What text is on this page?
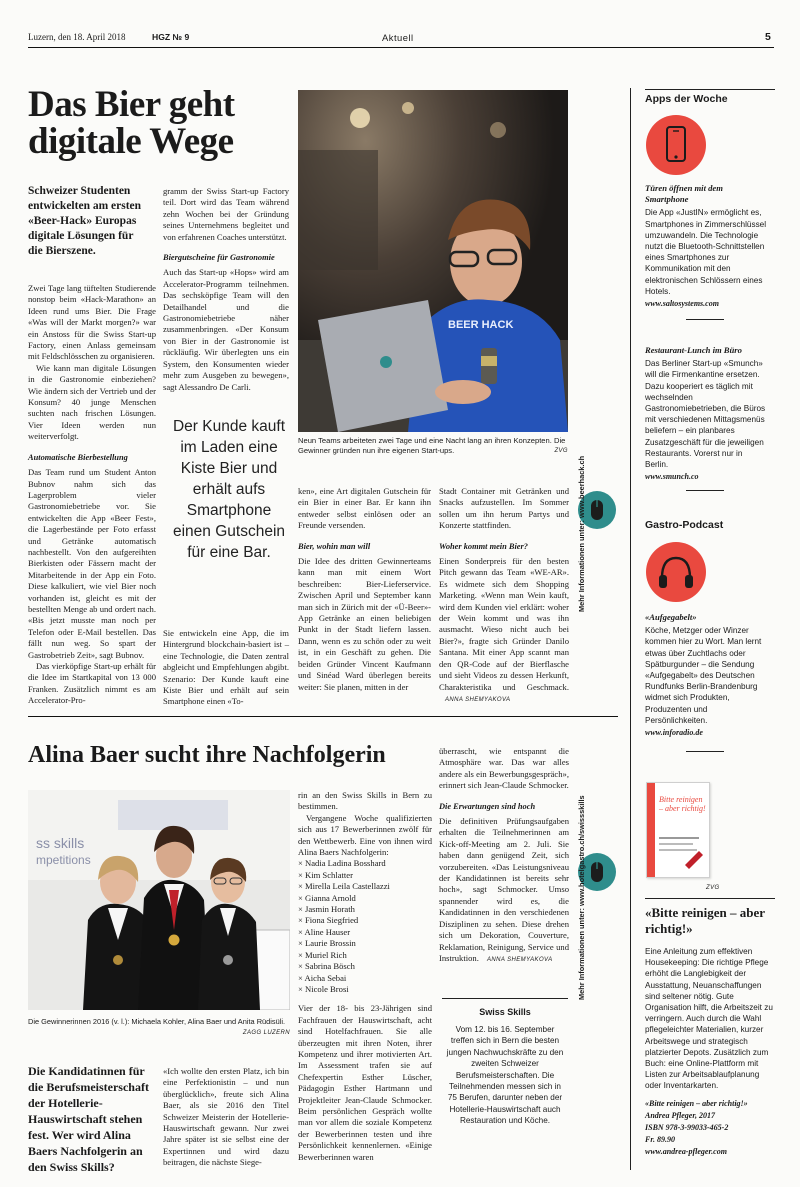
Luzern, den 18. April 2018	HGZ № 9	Aktuell	5
Das Bier geht digitale Wege
Schweizer Studenten entwickelten am ersten «Beer-Hack» Europas digitale Lösungen für die Bierszene.

Zwei Tage lang tüftelten Studierende nonstop beim «Hack-Marathon» an Ideen rund ums Bier. Die Frage «Was will der Markt morgen?» war ein Anstoss für die Swiss Start-up Factory, einen Anlass gemeinsam mit Feldschlösschen zu organisieren.

Wie kann man digitale Lösungen in die Gastronomie einbeziehen? Wie ändern sich der Vertrieb und der Konsum? 40 junge Menschen suchten nach frischen Lösungen. Vier Ideen werden nun weiterverfolgt.

Automatische Bierbestellung

Das Team rund um Student Anton Bubnov nahm sich das Lagerproblem vieler Gastronomiebetriebe vor. Sie entwickelten die App «Beer Fest», die Lagerbestände per Foto erfasst und Getränke automatisch nachbestellt. Von den aufgereihten Bierkisten oder Fässern macht der Mitarbeitende in der App ein Foto. Diese kalkuliert, wie viel Bier noch vorhanden ist, gleicht es mit der bestellten Menge ab und ordert nach. «Bis jetzt musste man noch per Telefon oder E-Mail bestellen. Das fällt nun weg. So spart der Gastrobetrieb Zeit», sagt Bubnov.

Das vierköpfige Start-up erhält für die Idee im Startkapital von 13 000 Franken. Zusätzlich nimmt es am Accelerator-Pro-

gramm der Swiss Start-up Factory teil. Dort wird das Team während zehn Wochen bei der Gründung seines Unternehmens begleitet und von erfahrenen Coaches unterstützt.

Biergutscheine für Gastronomie

Auch das Start-up «Hops» wird am Accelerator-Programm teilnehmen. Das sechsköpfige Team will den Detailhandel und die Gastronomiebetriebe näher zusammenbringen. «Der Konsum von Bier in der Gastronomie ist rückläufig. Wir überlegten uns ein System, den Konsumenten wieder mehr zum Ausgeben zu bewegen», sagt Alessandro De Carli.

Der Kunde kauft im Laden eine Kiste Bier und erhält aufs Smartphone einen Gutschein für eine Bar.

Sie entwickeln eine App, die im Hintergrund blockchain-basiert ist – eine Technologie, die Daten zentral abgleicht und Empfehlungen abgibt. Szenario: Der Kunde kauft eine Kiste Bier und erhält auf sein Smartphone einen «To-

BEER HACK
Neun Teams arbeiteten zwei Tage und eine Nacht lang an ihren Konzepten. Die Gewinner gründen nun ihre eigenen Start-ups.	ZVG

ken», eine Art digitalen Gutschein für ein Bier in einer Bar. Er kann ihn entweder selbst einlösen oder an Freunde versenden.

Bier, wohin man will

Die Idee des dritten Gewinnerteams kann man mit einem Wort beschreiben: Bier-Lieferservice. Zwischen April und September kann man sich in Zürich mit der «Ü-Beer»-App Getränke an einen beliebigen Punkt in der Stadt liefern lassen. Dann, wenn es zu schön oder zu weit ist, in ein Geschäft zu gehen. Die beiden Gründer Vincent Kaufmann und Sinéad Ward überlegen bereits weiter: Sie planen, mitten in der

Stadt Container mit Getränken und Snacks aufzustellen. Im Sommer sollen um ihn herum Partys und Konzerte stattfinden.

Woher kommt mein Bier?

Einen Sonderpreis für den besten Pitch gewann das Team «WE-AR». Es widmete sich dem Shopping Marketing. «Wenn man Wein kauft, wird dem Kunden viel erklärt: woher der Wein kommt und was ihn ausmacht. Wieso nicht auch bei Bier?», fragte sich Gründer Danilo Santana. Mit einer App scannt man den QR-Code auf der Bierflasche und sieht Videos zu dessen Herkunft, Charakteristika und Geschmack. ANNA SHEMYAKOVA

Mehr Informationen unter: www.beerhack.ch
Alina Baer sucht ihre Nachfolgerin
ss skills
mpetitions
Die Gewinnerinnen 2016 (v. l.): Michaela Kohler, Alina Baer und Anita Rüdisüli.
ZAGG LUZERN
Die Kandidatinnen für die Berufsmeisterschaft der Hotellerie-Hauswirtschaft stehen fest. Wer wird Alina Baers Nachfolgerin an den Swiss Skills?

«Ich wollte den ersten Platz, ich bin eine Perfektionistin – und nun überglücklich», freute sich Alina Baer, als sie 2016 den Titel Schweizer Meisterin der Hotellerie-Hauswirtschaft gewann. Nur zwei Jahre später ist sie selbst eine der Expertinnen und wird dazu beitragen, die nächste Siege-

rin an den Swiss Skills in Bern zu bestimmen.

Vergangene Woche qualifizierten sich aus 17 Bewerberinnen zwölf für den Wettbewerb. Eine von ihnen wird Alina Baers Nachfolgerin:

× Nadia Ladina Bosshard
× Kim Schlatter
× Mirella Leila Castellazzi
× Gianna Arnold
× Jasmin Horath
× Fiona Siegfried
× Aline Hauser
× Laurie Brossin
× Muriel Rich
× Sabrina Bösch
× Aicha Sebai
× Nicole Brosi

Vier der 18- bis 23-Jährigen sind Fachfrauen der Hauswirtschaft, acht sind Hotelfachfrauen. Sie alle überzeugten mit ihren Noten, ihrer Kompetenz und ihrer motivierten Art. Im Assessment trafen sie auf Chefexpertin Esther Lüscher, Pädagogin Esther Hartmann und Projektleiter Jean-Claude Schmocker. Beim persönlichen Gespräch wollte man vor allem die soziale Kompetenz der Bewerberinnen testen und ihre Persönlichkeit kennenlernen. «Einige Bewerberinnen waren

überrascht, wie entspannt die Atmosphäre war. Das war alles andere als ein Bewerbungsgespräch», erinnert sich Jean-Claude Schmocker.

Die Erwartungen sind hoch

Die definitiven Prüfungsaufgaben erhalten die Teilnehmerinnen am Kick-off-Meeting am 2. Juli. Sie haben dann genügend Zeit, sich vorzubereiten. «Das Leistungsniveau der Kandidatinnen ist bereits sehr hoch», sagt Schmocker. Umso spannender wird es, die Kandidatinnen in den verschiedenen Disziplinen zu sehen. Diese drehen sich um Dekoration, Couverture, Reklamation, Reinigung, Service und Instruktion. ANNA SHEMYAKOVA

Swiss Skills
Vom 12. bis 16. September treffen sich in Bern die besten jungen Nachwuchskräfte zu den zweiten Schweizer Berufsmeisterschaften. Die Teilnehmenden messen sich in 75 Berufen, darunter neben der Hotellerie-Hauswirtschaft auch Restauration und Köche.
Mehr Informationen unter: www.hotelgastro.ch/swissskills
Apps der Woche
Türen öffnen mit dem Smartphone
Die App «JustIN» ermöglicht es, Smartphones in Zimmerschlüssel umzuwandeln. Die Technologie nutzt die Bluetooth-Schnittstellen eines Smartphones zur Kommunikation mit den elektronischen Schlössern eines Hotels.
www.saltosystems.com
Restaurant-Lunch im Büro
Das Berliner Start-up «Smunch» will die Firmenkantine ersetzen. Dazu kooperiert es täglich mit wechselnden Gastronomiebetrieben, die Büros mit verschiedenen Mittagsmenüs beliefern – ein planbares Zusatzgeschäft für die jeweiligen Restaurants. Vorerst nur in Berlin.
www.smunch.co
Gastro-Podcast
«Aufgegabelt»
Köche, Metzger oder Winzer kommen hier zu Wort. Man lernt etwas über Zuchtlachs oder Spätburgunder – die Sendung «Aufgegabelt» des Deutschen Rundfunks Berlin-Brandenburg widmet sich Produkten, Produzenten und Persönlichkeiten.
www.inforadio.de
Bitte reinigen – aber richtig!
ZVG
«Bitte reinigen – aber richtig!»
Eine Anleitung zum effektiven Housekeeping: Die richtige Pflege erhöht die Langlebigkeit der Ausstattung, Neuanschaffungen sind seltener nötig. Gute Organisation hilft, die Arbeitszeit zu verringern. Auch durch die Wahl pflegeleichter Materialien, kurzer Arbeitswege und strategisch platzierter Depots. Zusätzlich zum Buch: eine Online-Plattform mit Listen zur Arbeitsablaufplanung oder Inventarkarten.
«Bitte reinigen – aber richtig!»
Andrea Pfleger, 2017
ISBN 978-3-99033-465-2
Fr. 89.90
www.andrea-pfleger.com
